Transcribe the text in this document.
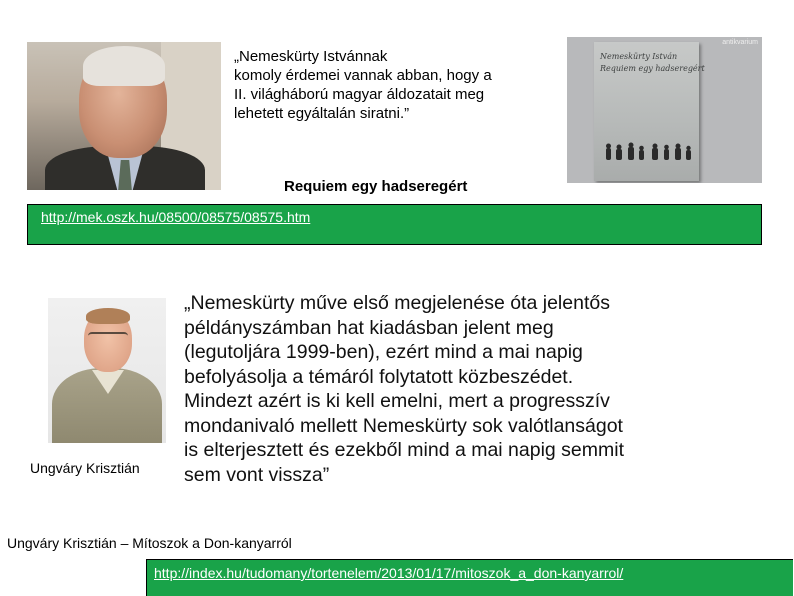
„Nemeskürty Istvánnak
komoly érdemei vannak abban, hogy a
II. világháború magyar áldozatait meg
lehetett egyáltalán siratni.”
antikvarium
Nemeskürty István
Requiem egy hadseregért
Requiem egy hadseregért
http://mek.oszk.hu/08500/08575/08575.htm
Ungváry Krisztián
„Nemeskürty műve első megjelenése óta jelentős
példányszámban hat kiadásban jelent meg
(legutoljára 1999-ben), ezért mind a mai napig
befolyásolja a témáról folytatott közbeszédet.
Mindezt azért is ki kell emelni, mert a progresszív
mondanivaló mellett Nemeskürty sok valótlanságot
is elterjesztett és ezekből mind a mai napig semmit
sem vont vissza”
Ungváry Krisztián – Mítoszok a Don-kanyarról
http://index.hu/tudomany/tortenelem/2013/01/17/mitoszok_a_don-kanyarrol/
